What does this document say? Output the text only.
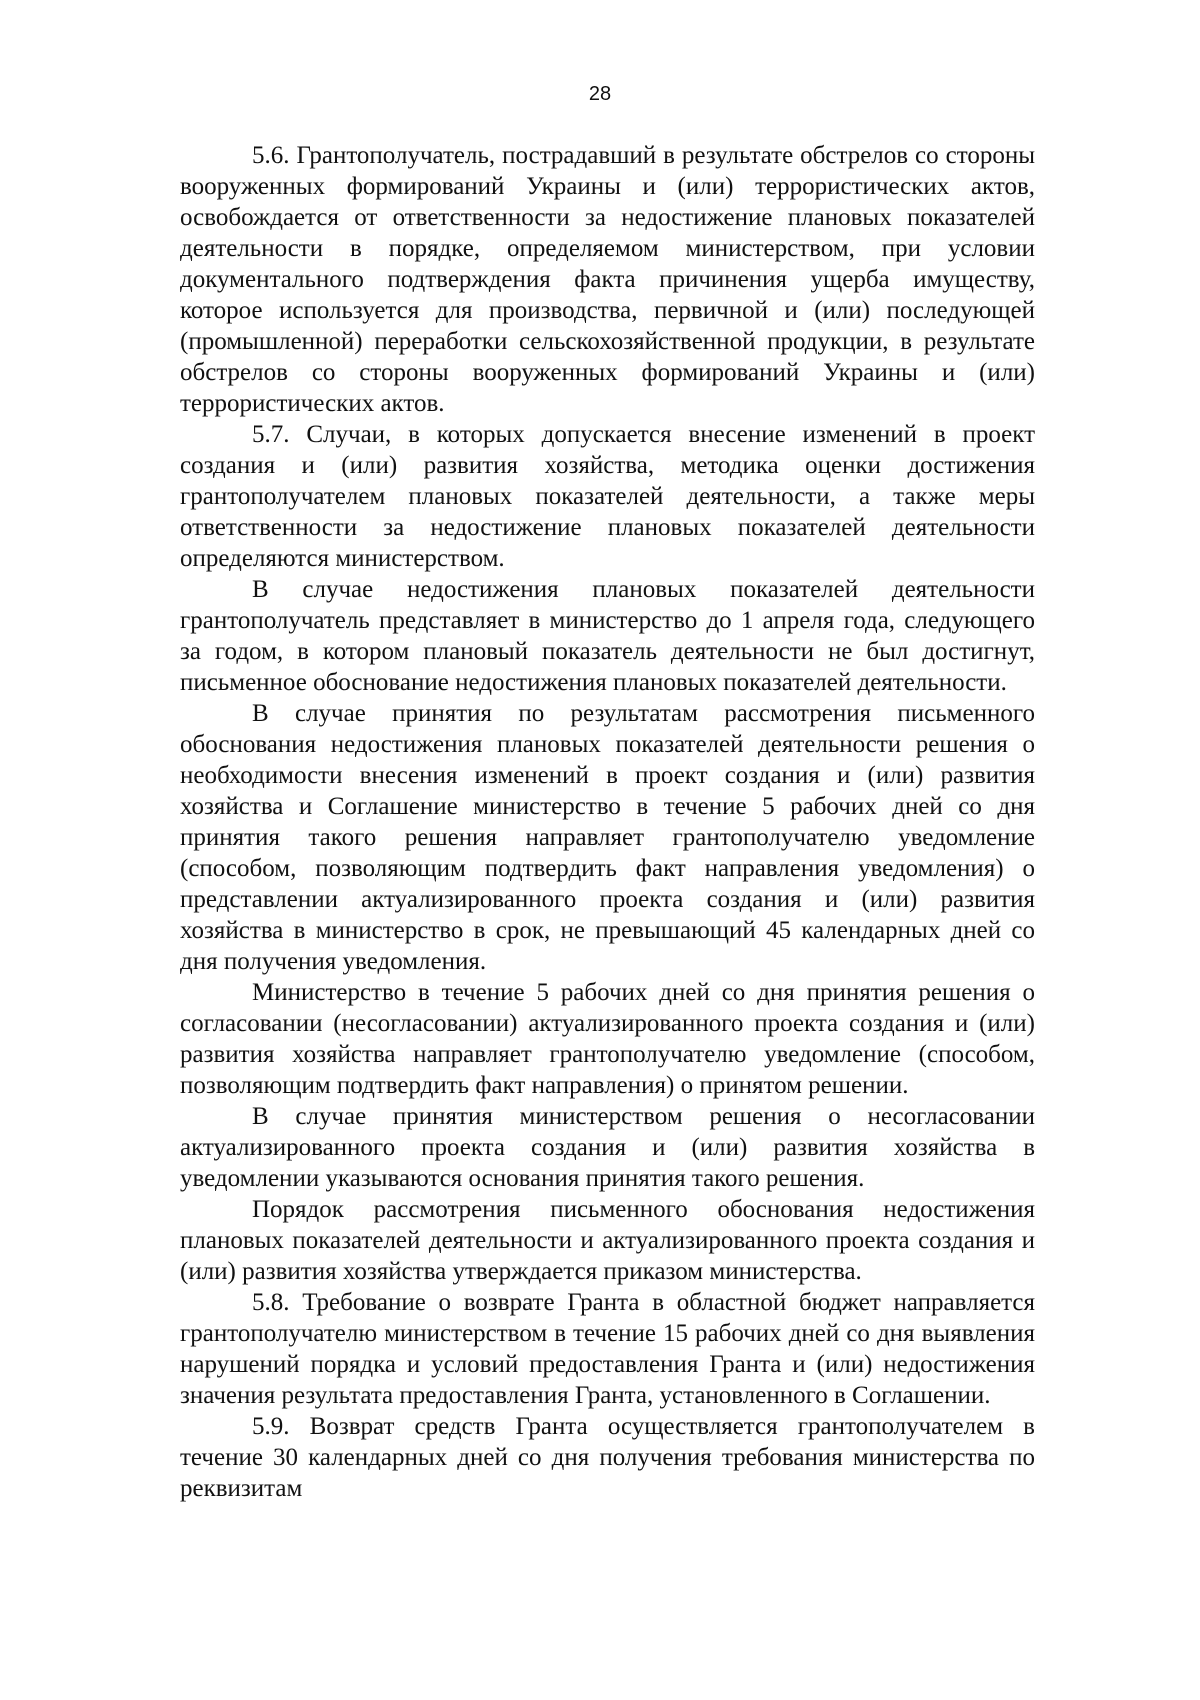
28

5.6. Грантополучатель, пострадавший в результате обстрелов со стороны вооруженных формирований Украины и (или) террористических актов, освобождается от ответственности за недостижение плановых показателей деятельности в порядке, определяемом министерством, при условии документального подтверждения факта причинения ущерба имуществу, которое используется для производства, первичной и (или) последующей (промышленной) переработки сельскохозяйственной продукции, в результате обстрелов со стороны вооруженных формирований Украины и (или) террористических актов.

5.7. Случаи, в которых допускается внесение изменений в проект создания и (или) развития хозяйства, методика оценки достижения грантополучателем плановых показателей деятельности, а также меры ответственности за недостижение плановых показателей деятельности определяются министерством.

В случае недостижения плановых показателей деятельности грантополучатель представляет в министерство до 1 апреля года, следующего за годом, в котором плановый показатель деятельности не был достигнут, письменное обоснование недостижения плановых показателей деятельности.

В случае принятия по результатам рассмотрения письменного обоснования недостижения плановых показателей деятельности решения о необходимости внесения изменений в проект создания и (или) развития хозяйства и Соглашение министерство в течение 5 рабочих дней со дня принятия такого решения направляет грантополучателю уведомление (способом, позволяющим подтвердить факт направления уведомления) о представлении актуализированного проекта создания и (или) развития хозяйства в министерство в срок, не превышающий 45 календарных дней со дня получения уведомления.

Министерство в течение 5 рабочих дней со дня принятия решения о согласовании (несогласовании) актуализированного проекта создания и (или) развития хозяйства направляет грантополучателю уведомление (способом, позволяющим подтвердить факт направления) о принятом решении.

В случае принятия министерством решения о несогласовании актуализированного проекта создания и (или) развития хозяйства в уведомлении указываются основания принятия такого решения.

Порядок рассмотрения письменного обоснования недостижения плановых показателей деятельности и актуализированного проекта создания и (или) развития хозяйства утверждается приказом министерства.

5.8. Требование о возврате Гранта в областной бюджет направляется грантополучателю министерством в течение 15 рабочих дней со дня выявления нарушений порядка и условий предоставления Гранта и (или) недостижения значения результата предоставления Гранта, установленного в Соглашении.

5.9. Возврат средств Гранта осуществляется грантополучателем в течение 30 календарных дней со дня получения требования министерства по реквизитам
